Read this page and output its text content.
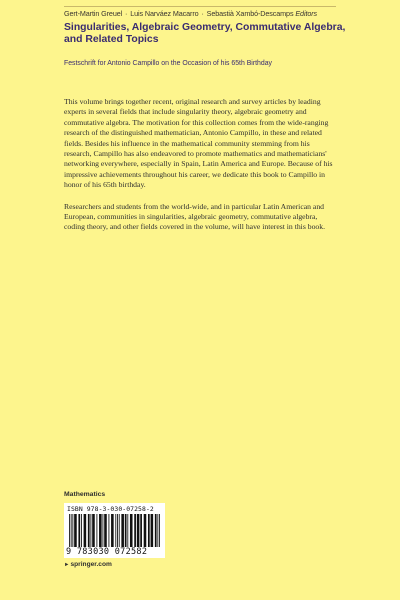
Gert-Martin Greuel · Luis Narváez Macarro · Sebastià Xambó-Descamps Editors
Singularities, Algebraic Geometry, Commutative Algebra, and Related Topics
Festschrift for Antonio Campillo on the Occasion of his 65th Birthday

This volume brings together recent, original research and survey articles by leading experts in several fields that include singularity theory, algebraic geometry and commutative algebra. The motivation for this collection comes from the wide-ranging research of the distinguished mathematician, Antonio Campillo, in these and related fields. Besides his influence in the mathematical community stemming from his research, Campillo has also endeavored to promote mathematics and mathematicians' networking everywhere, especially in Spain, Latin America and Europe. Because of his impressive achievements throughout his career, we dedicate this book to Campillo in honor of his 65th birthday.

Researchers and students from the world-wide, and in particular Latin American and European, communities in singularities, algebraic geometry, commutative algebra, coding theory, and other fields covered in the volume, will have interest in this book.

Mathematics
ISBN 978-3-030-07258-2
9 783030 072582
►springer.com
